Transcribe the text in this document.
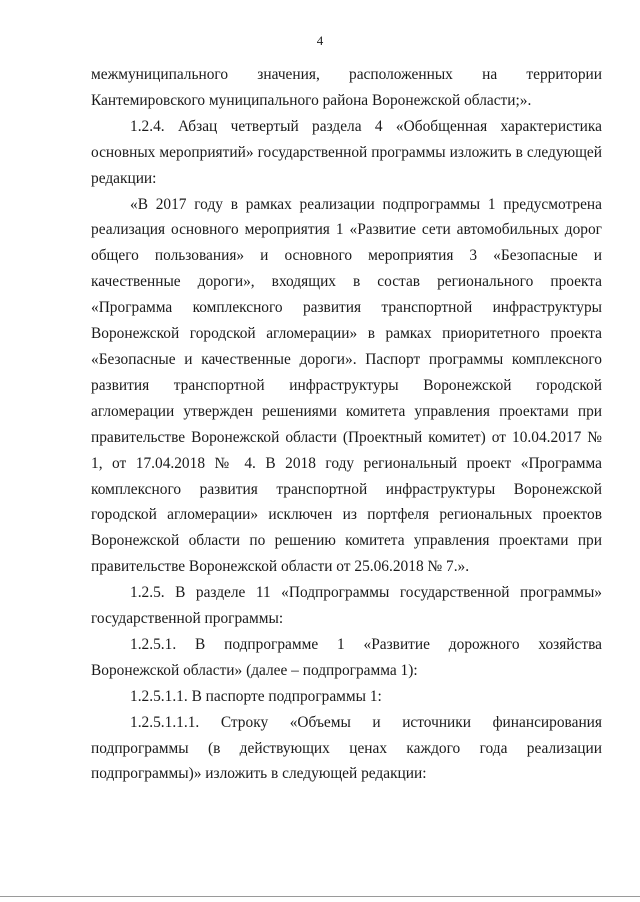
4

межмуниципального значения, расположенных на территории Кантемировского муниципального района Воронежской области;».

1.2.4. Абзац четвертый раздела 4 «Обобщенная характеристика основных мероприятий» государственной программы изложить в следующей редакции:

«В 2017 году в рамках реализации подпрограммы 1 предусмотрена реализация основного мероприятия 1 «Развитие сети автомобильных дорог общего пользования» и основного мероприятия 3 «Безопасные и качественные дороги», входящих в состав регионального проекта «Программа комплексного развития транспортной инфраструктуры Воронежской городской агломерации» в рамках приоритетного проекта «Безопасные и качественные дороги». Паспорт программы комплексного развития транспортной инфраструктуры Воронежской городской агломерации утвержден решениями комитета управления проектами при правительстве Воронежской области (Проектный комитет) от 10.04.2017 № 1, от 17.04.2018 № 4. В 2018 году региональный проект «Программа комплексного развития транспортной инфраструктуры Воронежской городской агломерации» исключен из портфеля региональных проектов Воронежской области по решению комитета управления проектами при правительстве Воронежской области от 25.06.2018 № 7.».

1.2.5. В разделе 11 «Подпрограммы государственной программы» государственной программы:

1.2.5.1. В подпрограмме 1 «Развитие дорожного хозяйства Воронежской области» (далее – подпрограмма 1):

1.2.5.1.1. В паспорте подпрограммы 1:

1.2.5.1.1.1. Строку «Объемы и источники финансирования подпрограммы (в действующих ценах каждого года реализации подпрограммы)» изложить в следующей редакции:
